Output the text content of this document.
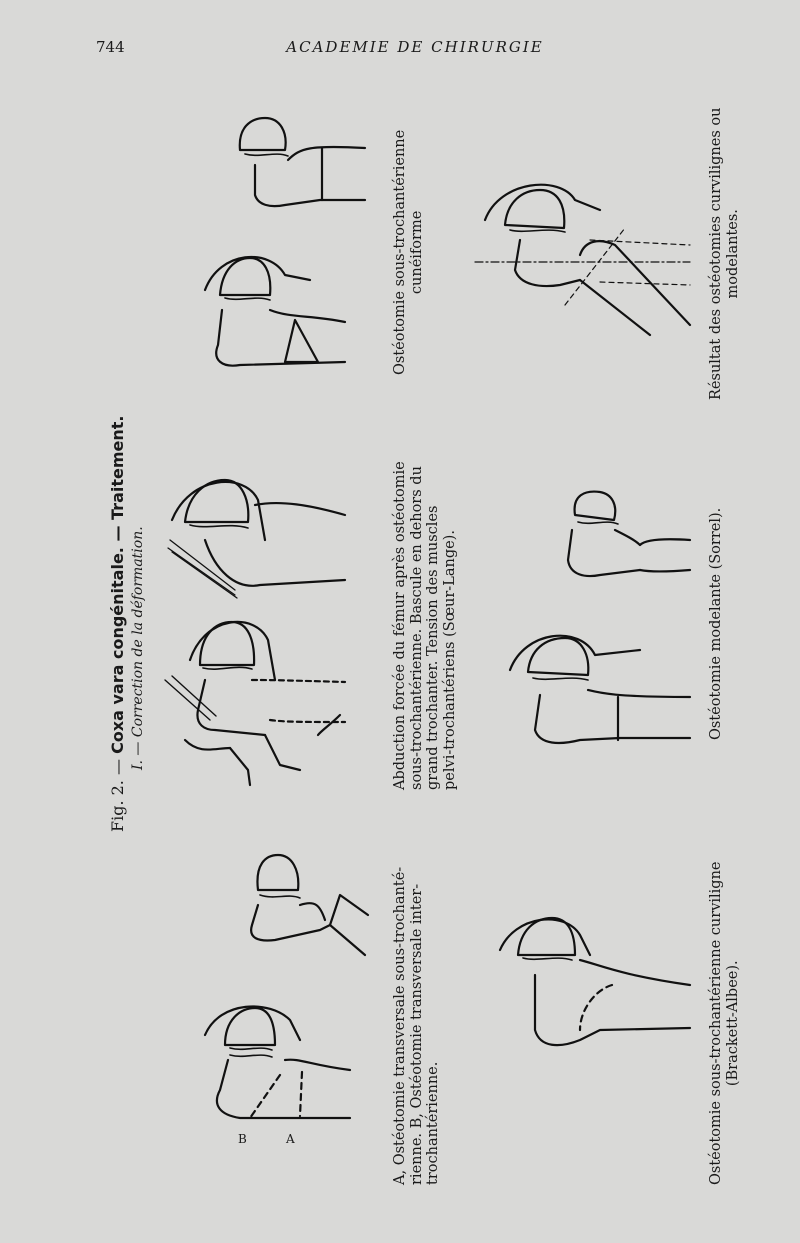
744	ACADEMIE DE CHIRURGIE
Fig. 2. — Coxa vara congénitale. — Traitement. I. — Correction de la déformation.
B	A	A, Ostéotomie transversale sous-trochanté- rienne. B, Ostéotomie transversale inter- trochantérienne.
Abduction forcée du fémur après ostéotomie sous-trochantérienne. Bascule en dehors du grand trochanter. Tension des muscles pelvi-trochantériens (Sœur-Lange).
Ostéotomie sous-trochantérienne cunéiforme
Ostéotomie sous-trochantérienne curviligne (Brackett-Albee).
Ostéotomie modelante (Sorrel).
Résultat des ostéotomies curvilignes ou modelantes.
